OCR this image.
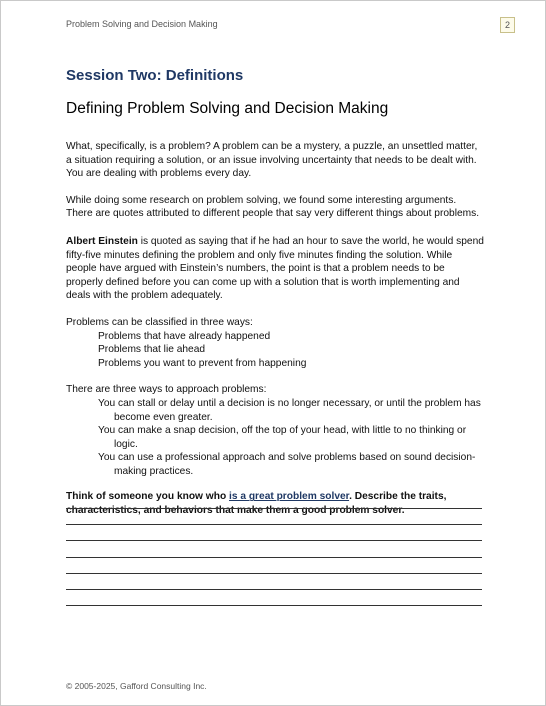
Problem Solving and Decision Making	2
Session Two: Definitions
Defining Problem Solving and Decision Making

What, specifically, is a problem? A problem can be a mystery, a puzzle, an unsettled matter, a situation requiring a solution, or an issue involving uncertainty that needs to be dealt with. You are dealing with problems every day.

While doing some research on problem solving, we found some interesting arguments. There are quotes attributed to different people that say very different things about problems.

Albert Einstein is quoted as saying that if he had an hour to save the world, he would spend fifty-five minutes defining the problem and only five minutes finding the solution. While people have argued with Einstein’s numbers, the point is that a problem needs to be properly defined before you can come up with a solution that is worth implementing and deals with the problem adequately.

Problems can be classified in three ways:

Problems that have already happened
Problems that lie ahead
Problems you want to prevent from happening

There are three ways to approach problems:

You can stall or delay until a decision is no longer necessary, or until the problem has become even greater.
You can make a snap decision, off the top of your head, with little to no thinking or logic.
You can use a professional approach and solve problems based on sound decision-making practices.

Think of someone you know who is a great problem solver. Describe the traits, characteristics, and behaviors that make them a good problem solver.

© 2005-2025, Gafford Consulting Inc.
